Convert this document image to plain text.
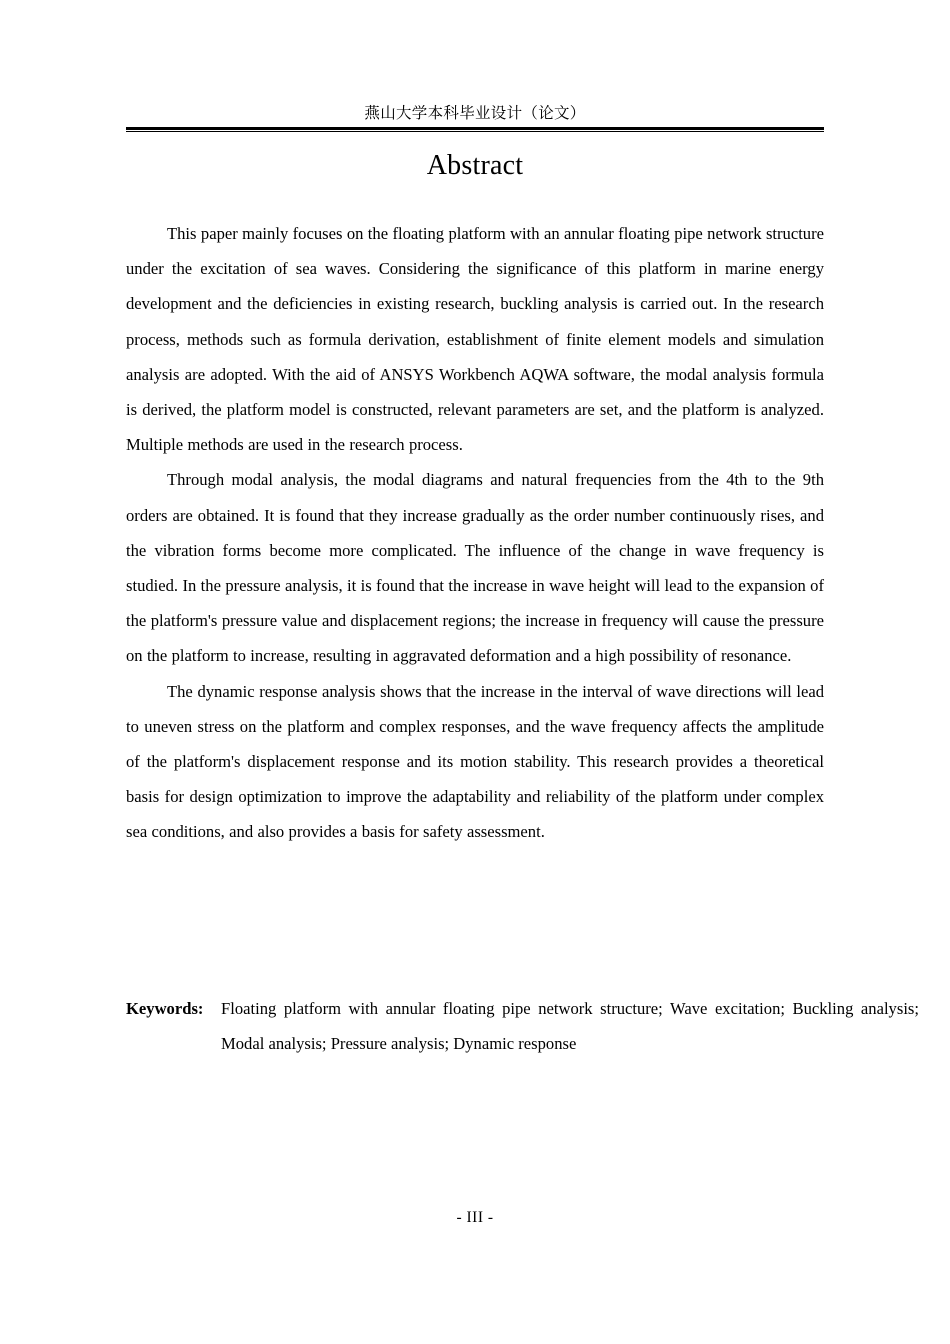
燕山大学本科毕业设计（论文）
Abstract

This paper mainly focuses on the floating platform with an annular floating pipe network structure under the excitation of sea waves. Considering the significance of this platform in marine energy development and the deficiencies in existing research, buckling analysis is carried out. In the research process, methods such as formula derivation, establishment of finite element models and simulation analysis are adopted. With the aid of ANSYS Workbench AQWA software, the modal analysis formula is derived, the platform model is constructed, relevant parameters are set, and the platform is analyzed. Multiple methods are used in the research process.

Through modal analysis, the modal diagrams and natural frequencies from the 4th to the 9th orders are obtained. It is found that they increase gradually as the order number continuously rises, and the vibration forms become more complicated. The influence of the change in wave frequency is studied. In the pressure analysis, it is found that the increase in wave height will lead to the expansion of the platform's pressure value and displacement regions; the increase in frequency will cause the pressure on the platform to increase, resulting in aggravated deformation and a high possibility of resonance.

The dynamic response analysis shows that the increase in the interval of wave directions will lead to uneven stress on the platform and complex responses, and the wave frequency affects the amplitude of the platform's displacement response and its motion stability. This research provides a theoretical basis for design optimization to improve the adaptability and reliability of the platform under complex sea conditions, and also provides a basis for safety assessment.

Keywords: Floating platform with annular floating pipe network structure; Wave excitation; Buckling analysis; Modal analysis; Pressure analysis; Dynamic response
- III -
